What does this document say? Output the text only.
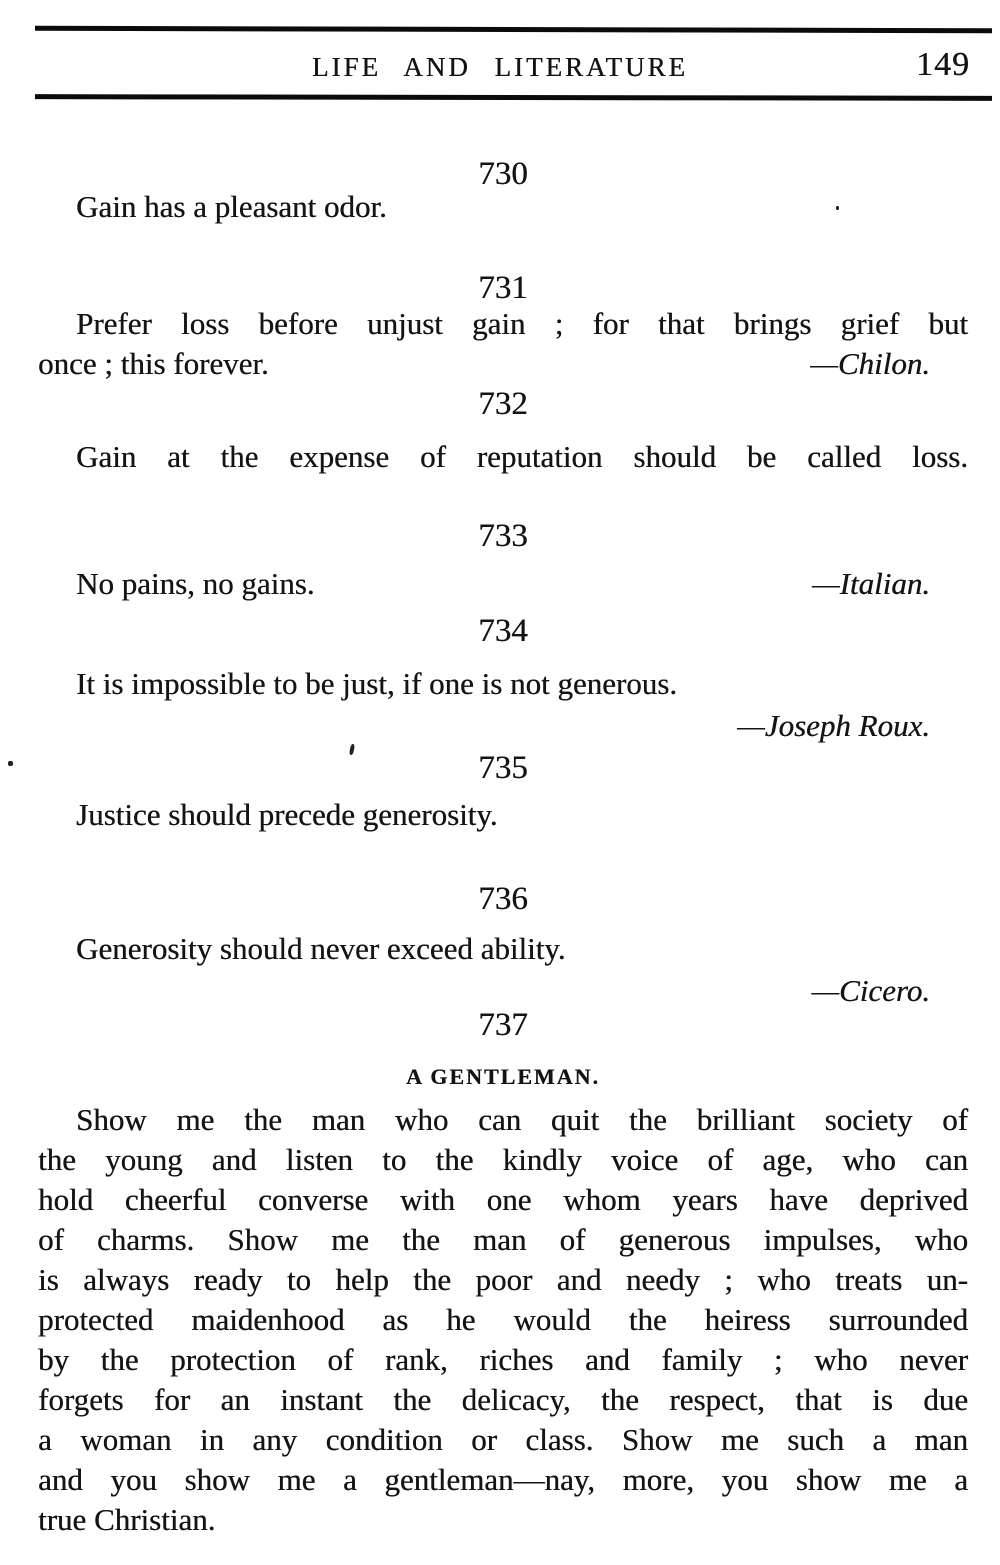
LIFE AND LITERATURE	149
730
Gain has a pleasant odor.
731
Prefer loss before unjust gain ; for that brings grief but
once ; this forever.	—Chilon.
732
Gain at the expense of reputation should be called loss.
733
No pains, no gains.	—Italian.
734
It is impossible to be just, if one is not generous.
—Joseph Roux.
735
Justice should precede generosity.
736
Generosity should never exceed ability.
—Cicero.
737
A GENTLEMAN.
Show me the man who can quit the brilliant society of
the young and listen to the kindly voice of age, who can
hold cheerful converse with one whom years have deprived
of charms. Show me the man of generous impulses, who
is always ready to help the poor and needy ; who treats un-
protected maidenhood as he would the heiress surrounded
by the protection of rank, riches and family ; who never
forgets for an instant the delicacy, the respect, that is due
a woman in any condition or class. Show me such a man
and you show me a gentleman—nay, more, you show me a
true Christian.
